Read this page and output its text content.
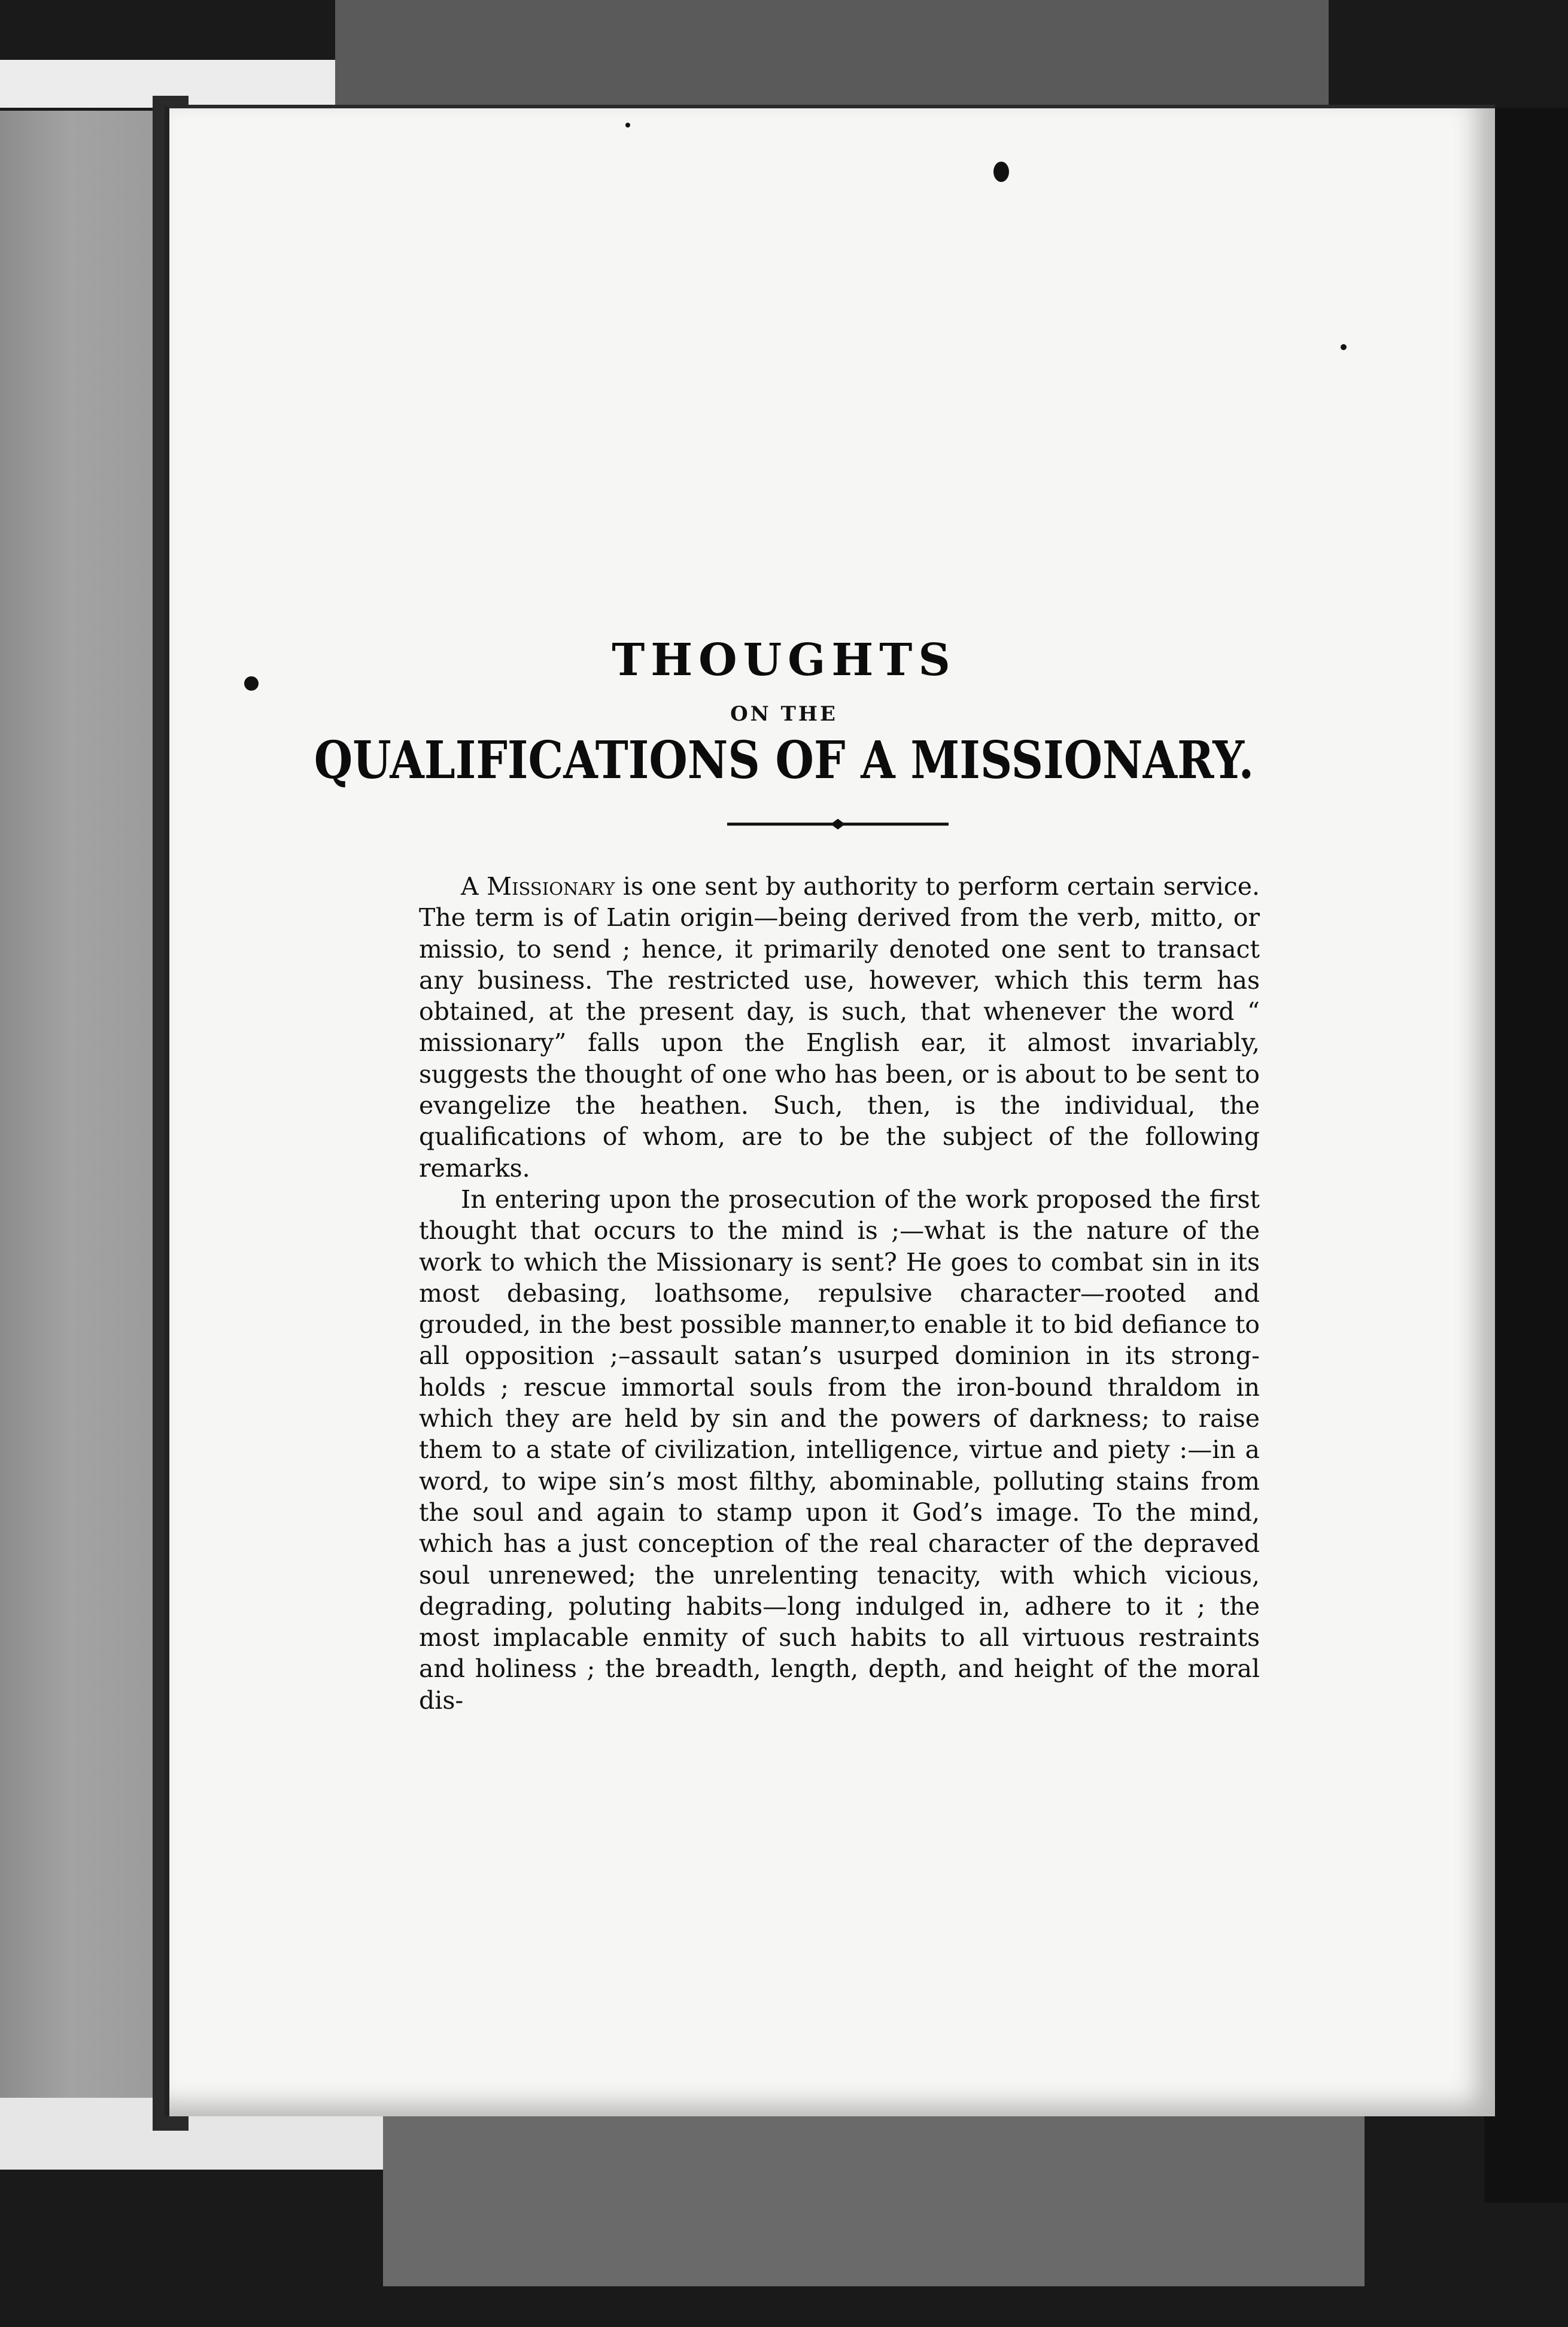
THOUGHTS
ON THE
QUALIFICATIONS OF A MISSIONARY.

A Missionary is one sent by authority to perform certain service. The term is of Latin origin—being derived from the verb, mitto, or missio, to send ; hence, it primarily denoted one sent to transact any business. The restricted use, however, which this term has obtained, at the present day, is such, that whenever the word “ missionary” falls upon the English ear, it almost invariably, suggests the thought of one who has been, or is about to be sent to evangelize the heathen. Such, then, is the individual, the qualifications of whom, are to be the subject of the following remarks.

In entering upon the prosecution of the work proposed the first thought that occurs to the mind is ;—what is the nature of the work to which the Missionary is sent? He goes to combat sin in its most debasing, loathsome, repulsive character—rooted and grouded, in the best possible manner,to enable it to bid defiance to all opposition ;–assault satan’s usurped dominion in its strong-holds ; rescue immortal souls from the iron-bound thraldom in which they are held by sin and the powers of darkness; to raise them to a state of civilization, intelligence, virtue and piety :—in a word, to wipe sin’s most filthy, abominable, polluting stains from the soul and again to stamp upon it God’s image. To the mind, which has a just conception of the real character of the depraved soul unrenewed; the unrelenting tenacity, with which vicious, degrading, poluting habits—long indulged in, adhere to it ; the most implacable enmity of such habits to all virtuous restraints and holiness ; the breadth, length, depth, and height of the moral dis-
